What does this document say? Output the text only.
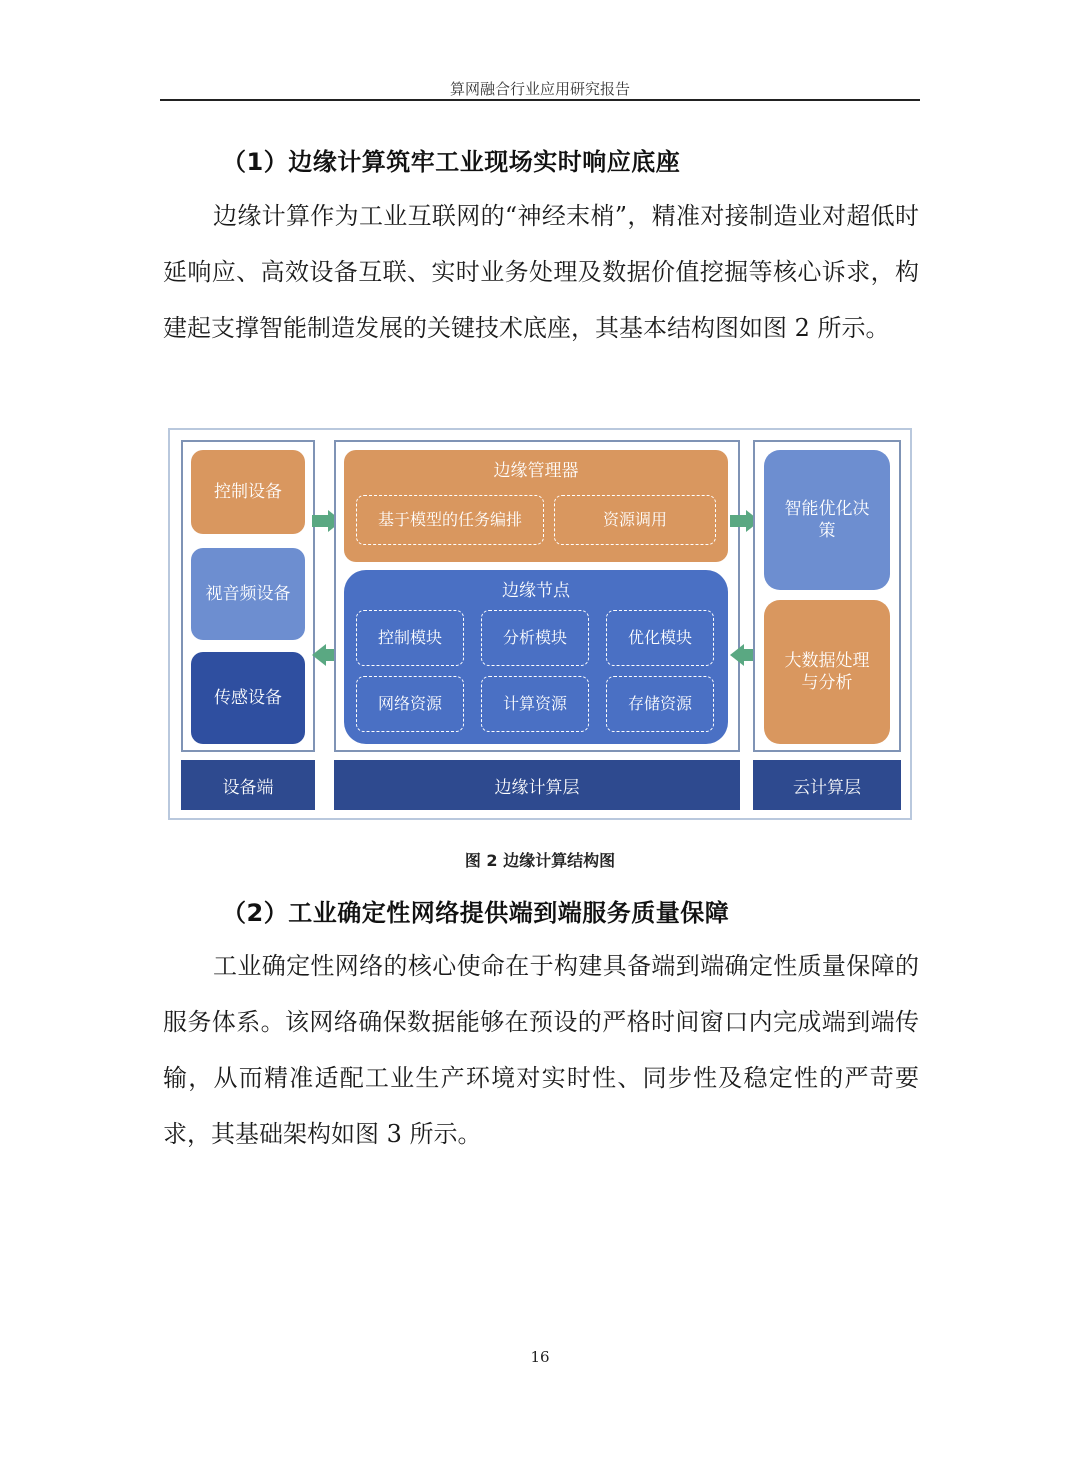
算网融合行业应用研究报告
（1）边缘计算筑牢工业现场实时响应底座

边缘计算作为工业互联网的“神经末梢”，精准对接制造业对超低时延响应、高效设备互联、实时业务处理及数据价值挖掘等核心诉求，构建起支撑智能制造发展的关键技术底座，其基本结构图如图 2 所示。

控制设备
视音频设备
传感设备
边缘管理器
基于模型的任务编排	资源调用
边缘节点
控制模块	分析模块	优化模块
网络资源	计算资源	存储资源
智能优化决策
大数据处理与分析
设备端	边缘计算层	云计算层
图 2 边缘计算结构图
（2）工业确定性网络提供端到端服务质量保障

工业确定性网络的核心使命在于构建具备端到端确定性质量保障的服务体系。该网络确保数据能够在预设的严格时间窗口内完成端到端传输，从而精准适配工业生产环境对实时性、同步性及稳定性的严苛要求，其基础架构如图 3 所示。

16
